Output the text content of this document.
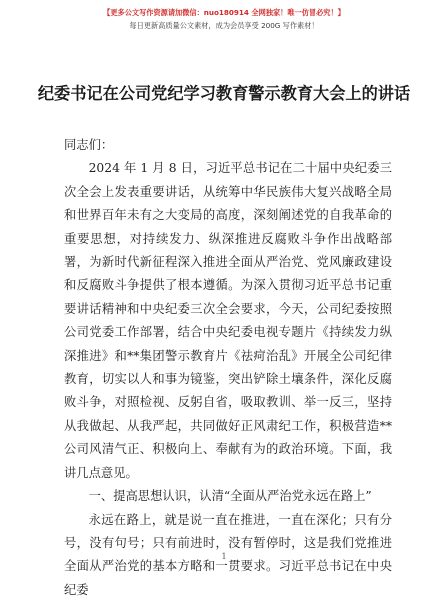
【更多公文写作资源请加微信：nuo180914 全网独家！唯一仿冒必究！】
每日更新高质量公文素材，成为会员享受 200G 写作素材！
纪委书记在公司党纪学习教育警示教育大会上的讲话

同志们：

2024 年 1 月 8 日，习近平总书记在二十届中央纪委三次全会上发表重要讲话，从统筹中华民族伟大复兴战略全局和世界百年未有之大变局的高度，深刻阐述党的自我革命的重要思想，对持续发力、纵深推进反腐败斗争作出战略部署，为新时代新征程深入推进全面从严治党、党风廉政建设和反腐败斗争提供了根本遵循。为深入贯彻习近平总书记重要讲话精神和中央纪委三次全会要求，今天，公司纪委按照公司党委工作部署，结合中央纪委电视专题片《持续发力纵深推进》和**集团警示教育片《祛疴治乱》开展全公司纪律教育，切实以人和事为镜鉴，突出铲除土壤条件，深化反腐败斗争，对照检视、反躬自省，吸取教训、举一反三，坚持从我做起、从我严起，共同做好正风肃纪工作，积极营造**公司风清气正、积极向上、奉献有为的政治环境。下面，我讲几点意见。

一、提高思想认识，认清“全面从严治党永远在路上”

永远在路上，就是说一直在推进，一直在深化；只有分号，没有句号；只有前进时，没有暂停时，这是我们党推进全面从严治党的基本方略和一贯要求。习近平总书记在中央纪委

1
